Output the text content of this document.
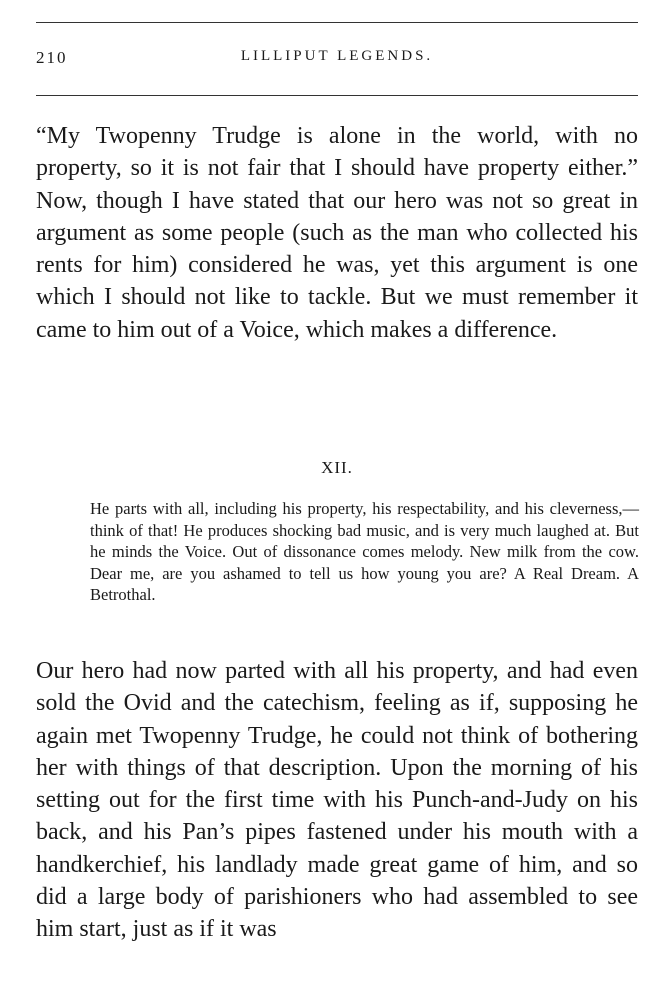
210	LILLIPUT LEGENDS.

“My Twopenny Trudge is alone in the world, with no property, so it is not fair that I should have property either.” Now, though I have stated that our hero was not so great in argument as some people (such as the man who collected his rents for him) considered he was, yet this argument is one which I should not like to tackle. But we must remember it came to him out of a Voice, which makes a difference.

XII.

He parts with all, including his property, his respectability, and his cleverness,—think of that! He produces shocking bad music, and is very much laughed at. But he minds the Voice. Out of dissonance comes melody. New milk from the cow. Dear me, are you ashamed to tell us how young you are? A Real Dream. A Betrothal.

Our hero had now parted with all his property, and had even sold the Ovid and the catechism, feeling as if, supposing he again met Twopenny Trudge, he could not think of bothering her with things of that description. Upon the morning of his setting out for the first time with his Punch-and-Judy on his back, and his Pan’s pipes fastened under his mouth with a handkerchief, his landlady made great game of him, and so did a large body of parishioners who had assembled to see him start, just as if it was
